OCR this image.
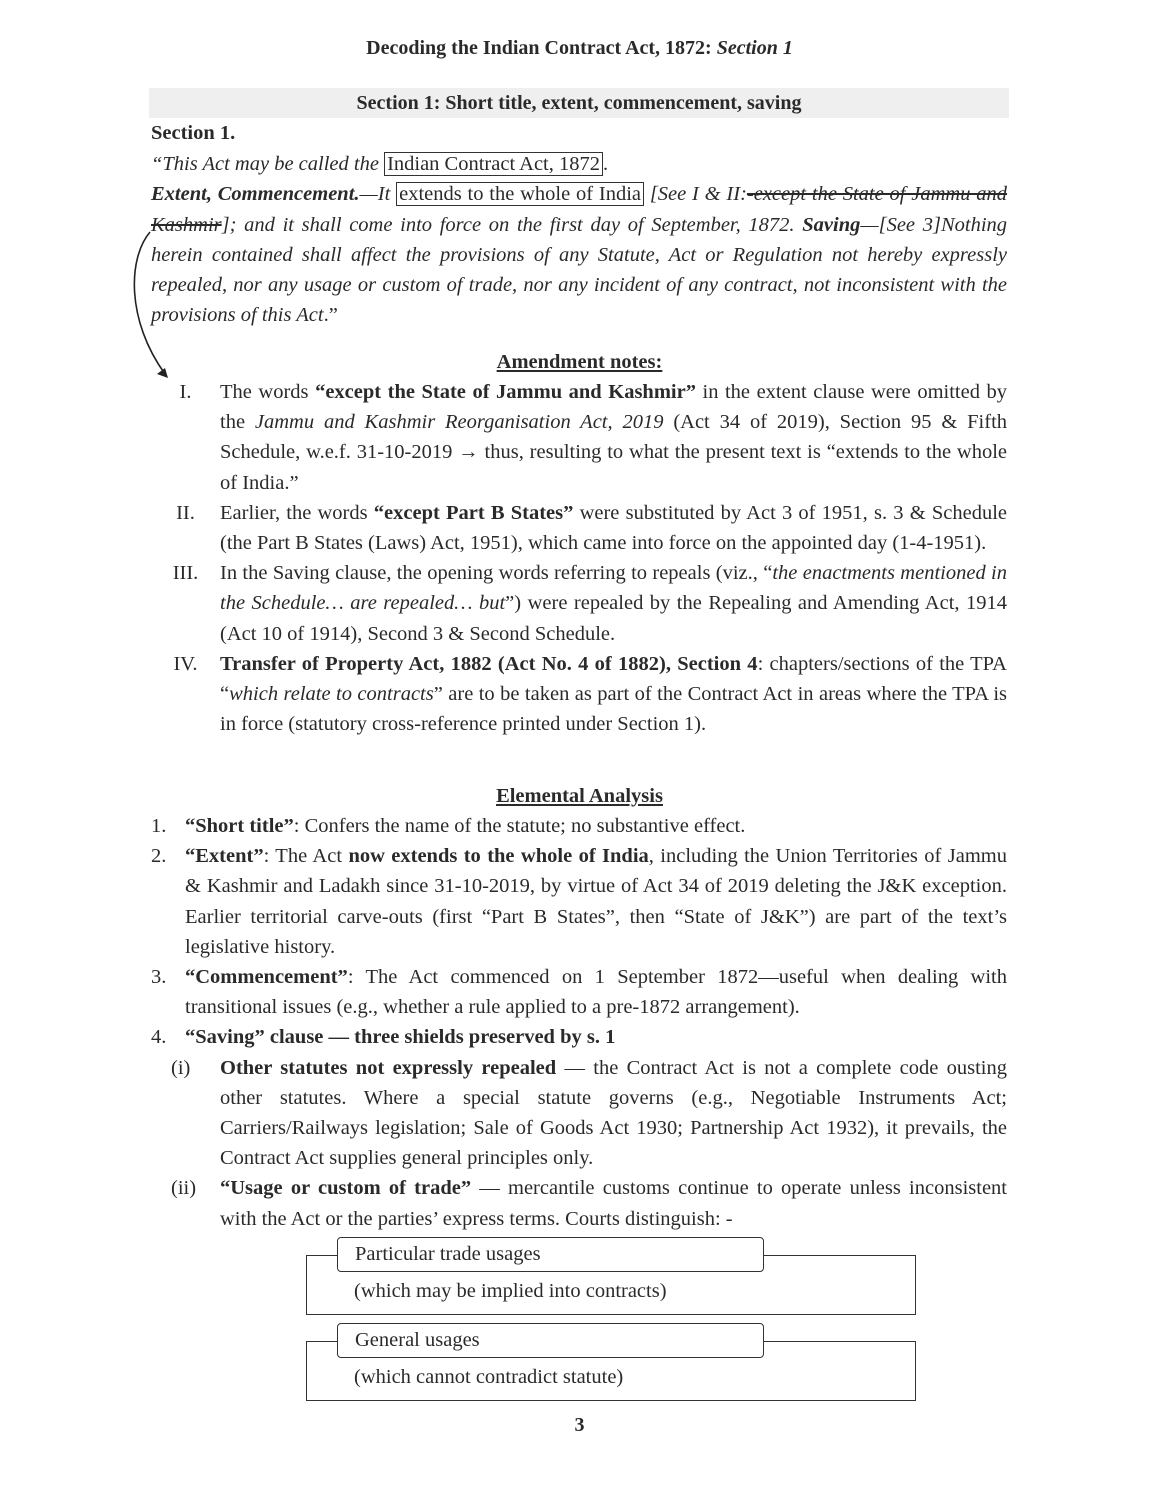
Decoding the Indian Contract Act, 1872: Section 1
Section 1: Short title, extent, commencement, saving
Section 1.

“This Act may be called the Indian Contract Act, 1872 .

Extent, Commencement.—It extends to the whole of India [See I & II:-except the State of Jammu and Kashmir]; and it shall come into force on the first day of September, 1872. Saving—[See 3]Nothing herein contained shall affect the provisions of any Statute, Act or Regulation not hereby expressly repealed, nor any usage or custom of trade, nor any incident of any contract, not inconsistent with the provisions of this Act.”

Amendment notes:
I.	The words “except the State of Jammu and Kashmir” in the extent clause were omitted by the Jammu and Kashmir Reorganisation Act, 2019 (Act 34 of 2019), Section 95 & Fifth Schedule, w.e.f. 31-10-2019 → thus, resulting to what the present text is “extends to the whole of India.”
II.	Earlier, the words “except Part B States” were substituted by Act 3 of 1951, s. 3 & Schedule (the Part B States (Laws) Act, 1951), which came into force on the appointed day (1-4-1951).
III.	In the Saving clause, the opening words referring to repeals (viz., “the enactments mentioned in the Schedule… are repealed… but”) were repealed by the Repealing and Amending Act, 1914 (Act 10 of 1914), Second 3 & Second Schedule.
IV.	Transfer of Property Act, 1882 (Act No. 4 of 1882), Section 4: chapters/sections of the TPA “which relate to contracts” are to be taken as part of the Contract Act in areas where the TPA is in force (statutory cross-reference printed under Section 1).
Elemental Analysis
1. “Short title”: Confers the name of the statute; no substantive effect.
2. “Extent”: The Act now extends to the whole of India, including the Union Territories of Jammu & Kashmir and Ladakh since 31-10-2019, by virtue of Act 34 of 2019 deleting the J&K exception. Earlier territorial carve-outs (first “Part B States”, then “State of J&K”) are part of the text’s legislative history.
3. “Commencement”: The Act commenced on 1 September 1872—useful when dealing with transitional issues (e.g., whether a rule applied to a pre-1872 arrangement).
4. “Saving” clause — three shields preserved by s. 1
(i)	Other statutes not expressly repealed — the Contract Act is not a complete code ousting other statutes. Where a special statute governs (e.g., Negotiable Instruments Act; Carriers/Railways legislation; Sale of Goods Act 1930; Partnership Act 1932), it prevails, the Contract Act supplies general principles only.
(ii)	“Usage or custom of trade” — mercantile customs continue to operate unless inconsistent with the Act or the parties’ express terms. Courts distinguish: -
Particular trade usages
(which may be implied into contracts)
General usages
(which cannot contradict statute)
3
